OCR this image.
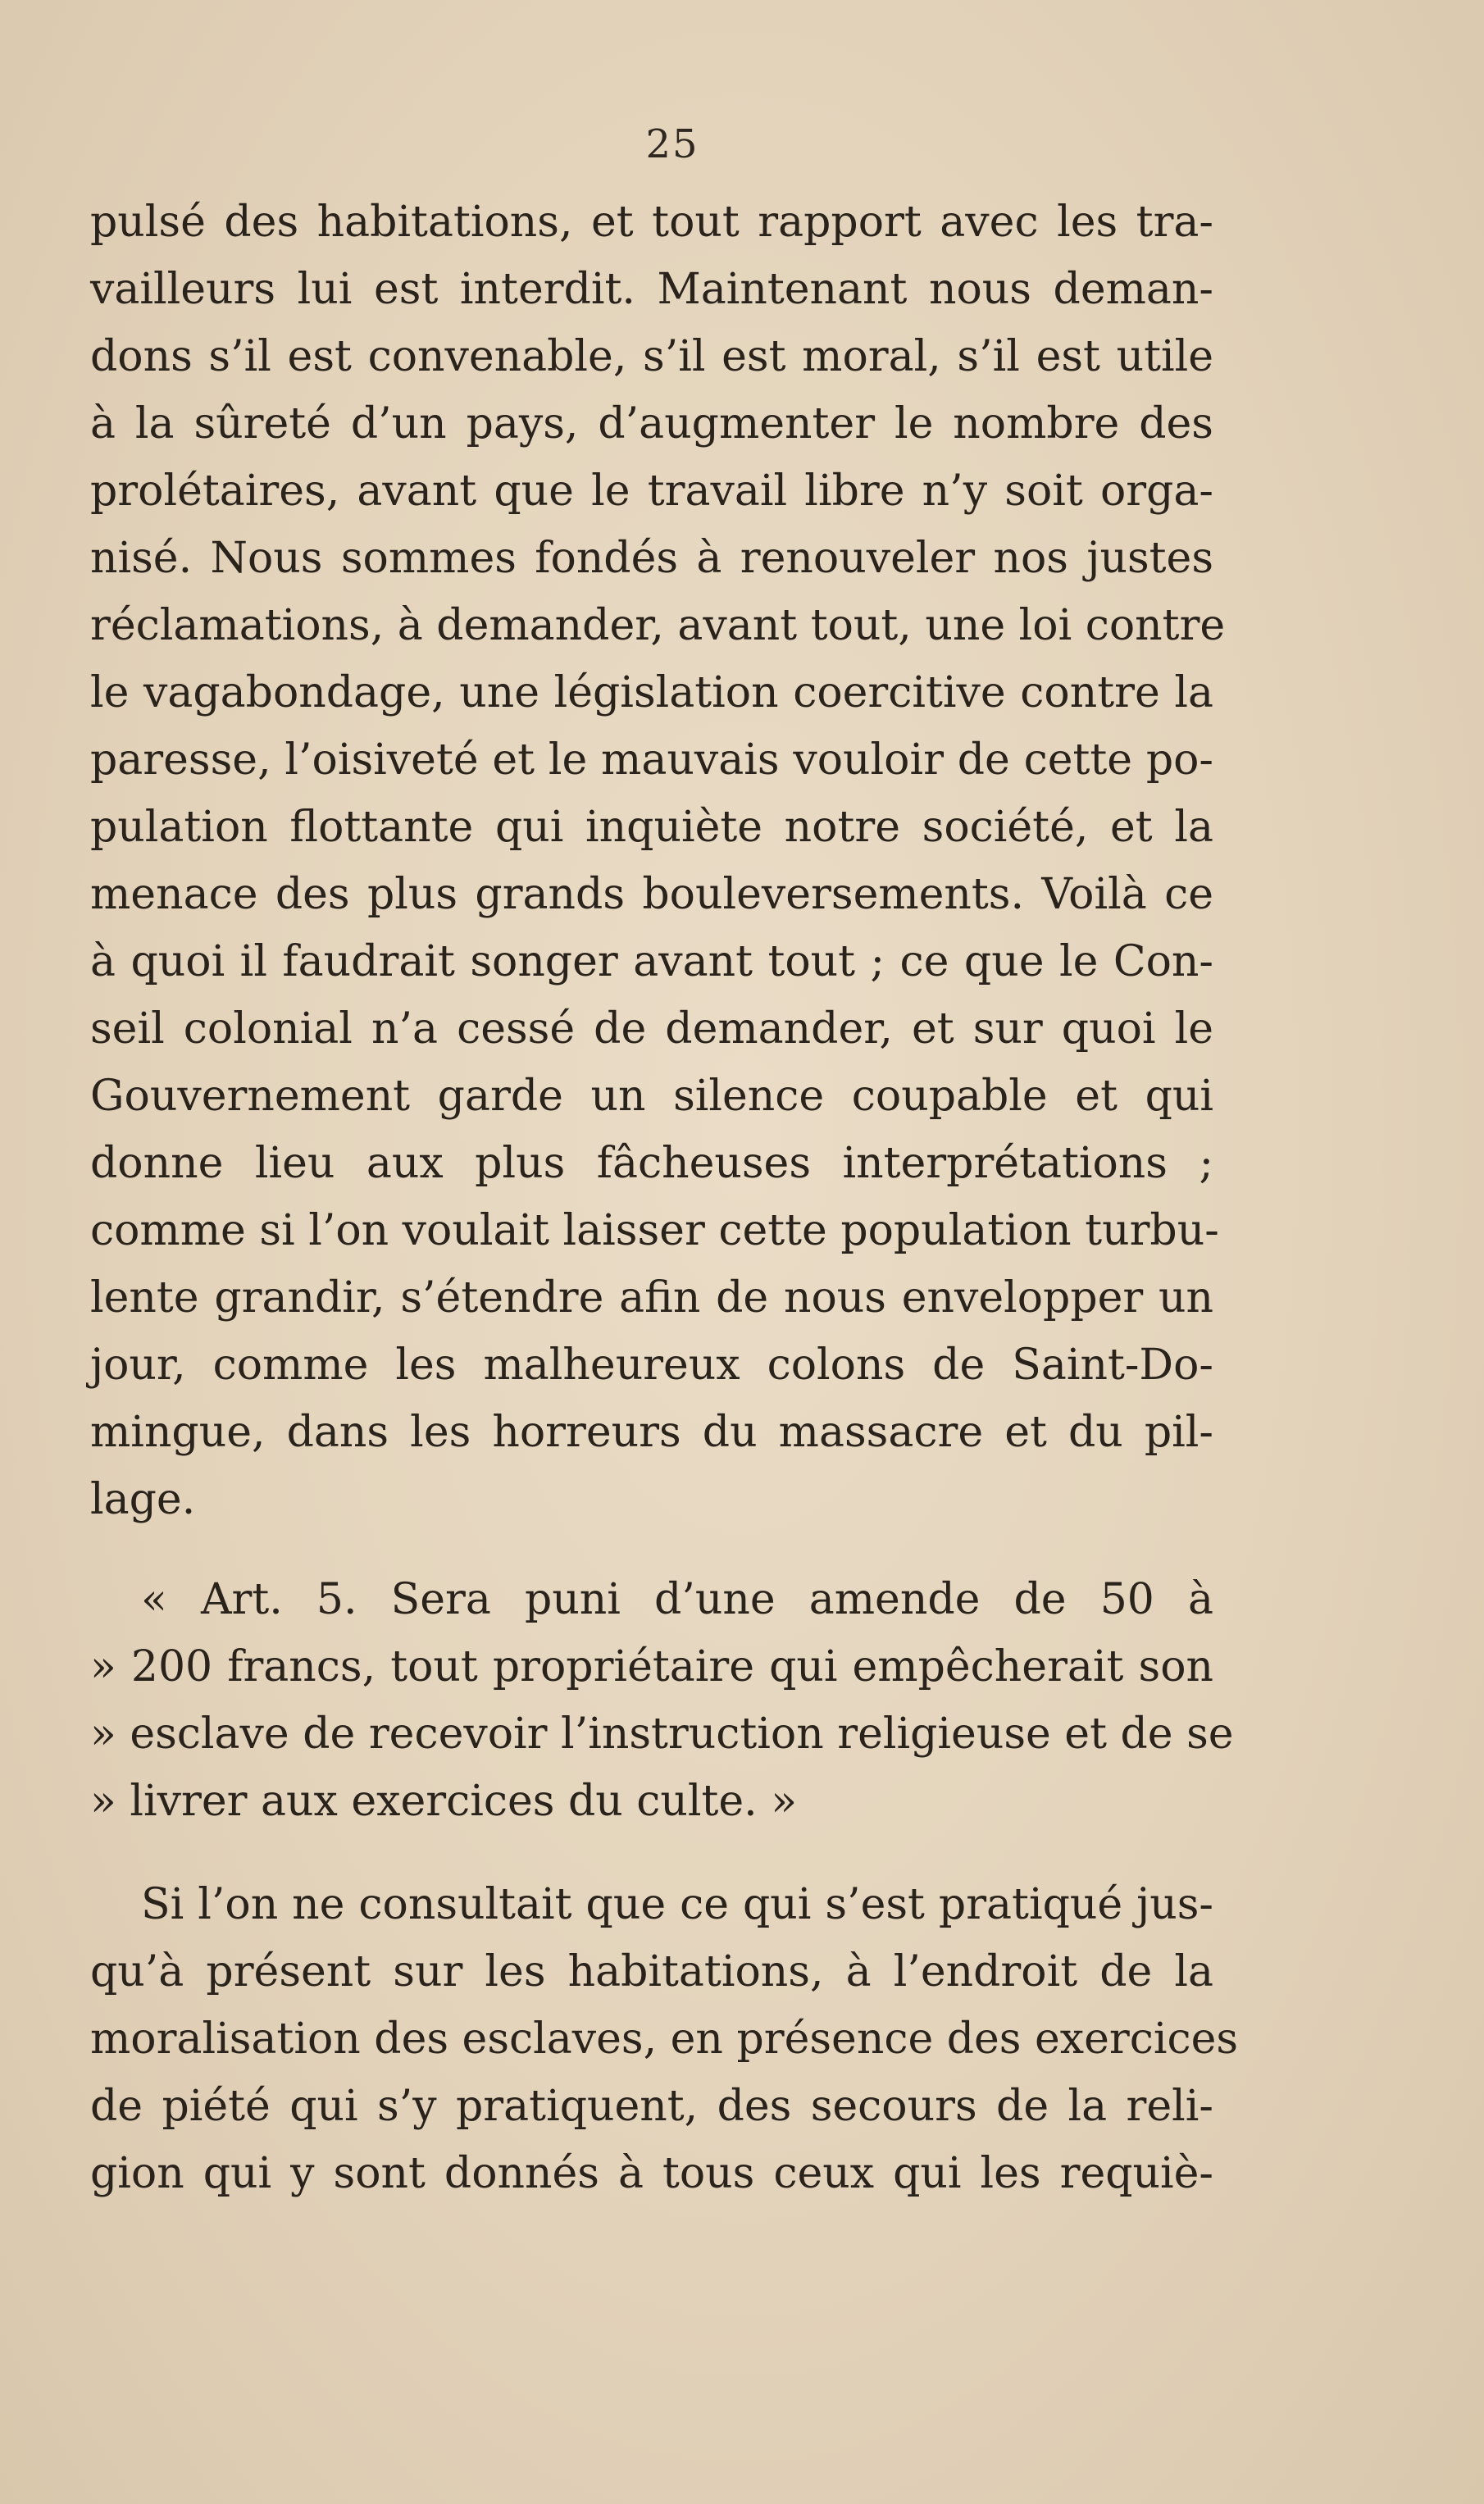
25
pulsé des habitations, et tout rapport avec les tra-
vailleurs lui est interdit. Maintenant nous deman-
dons s’il est convenable, s’il est moral, s’il est utile
à la sûreté d’un pays, d’augmenter le nombre des
prolétaires, avant que le travail libre n’y soit orga-
nisé. Nous sommes fondés à renouveler nos justes
réclamations, à demander, avant tout, une loi contre
le vagabondage, une législation coercitive contre la
paresse, l’oisiveté et le mauvais vouloir de cette po-
pulation flottante qui inquiète notre société, et la
menace des plus grands bouleversements. Voilà ce
à quoi il faudrait songer avant tout ; ce que le Con-
seil colonial n’a cessé de demander, et sur quoi le
Gouvernement garde un silence coupable et qui
donne lieu aux plus fâcheuses interprétations ;
comme si l’on voulait laisser cette population turbu-
lente grandir, s’étendre afin de nous envelopper un
jour, comme les malheureux colons de Saint-Do-
mingue, dans les horreurs du massacre et du pil-
lage.
« Art. 5. Sera puni d’une amende de 50 à
» 200 francs, tout propriétaire qui empêcherait son
» esclave de recevoir l’instruction religieuse et de se
» livrer aux exercices du culte. »
Si l’on ne consultait que ce qui s’est pratiqué jus-
qu’à présent sur les habitations, à l’endroit de la
moralisation des esclaves, en présence des exercices
de piété qui s’y pratiquent, des secours de la reli-
gion qui y sont donnés à tous ceux qui les requiè-
